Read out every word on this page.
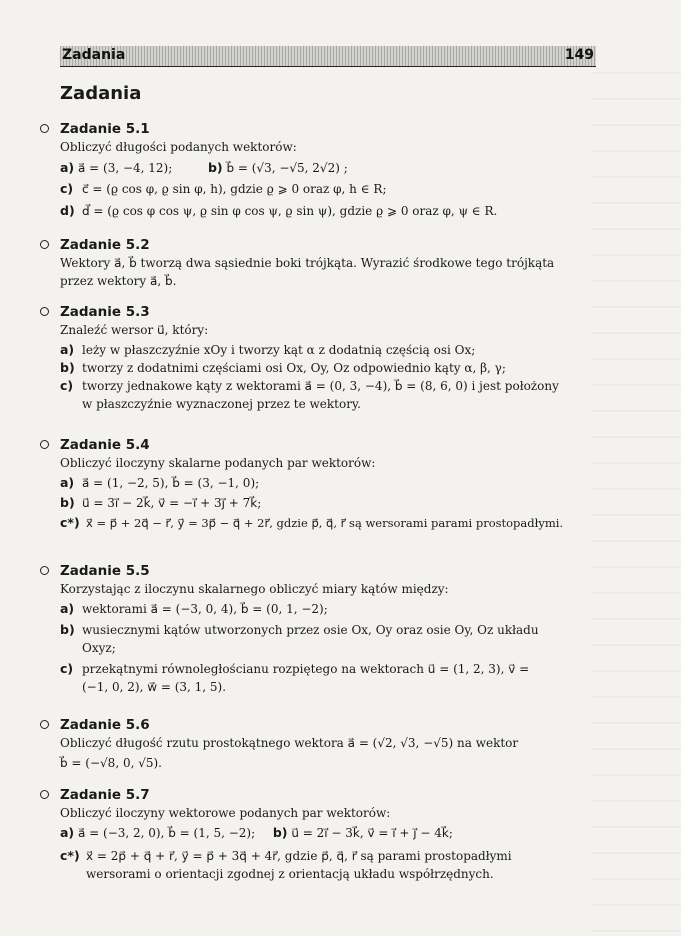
Zadania	149
Zadania
Zadanie 5.1
Obliczyć długości podanych wektorów:
a) a⃗ = (3, −4, 12);	b) b⃗ = (√3, −√5, 2√2) ;
c) c⃗ = (ϱ cos φ, ϱ sin φ, h), gdzie ϱ ⩾ 0 oraz φ, h ∈ R;
d) d⃗ = (ϱ cos φ cos ψ, ϱ sin φ cos ψ, ϱ sin ψ), gdzie ϱ ⩾ 0 oraz φ, ψ ∈ R.
Zadanie 5.2
Wektory a⃗, b⃗ tworzą dwa sąsiednie boki trójkąta. Wyrazić środkowe tego trójkąta
przez wektory a⃗, b⃗.
Zadanie 5.3
Znaleźć wersor u⃗, który:
a) leży w płaszczyźnie xOy i tworzy kąt α z dodatnią częścią osi Ox;
b) tworzy z dodatnimi częściami osi Ox, Oy, Oz odpowiednio kąty α, β, γ;
c) tworzy jednakowe kąty z wektorami a⃗ = (0, 3, −4), b⃗ = (8, 6, 0) i jest położony
w płaszczyźnie wyznaczonej przez te wektory.
Zadanie 5.4
Obliczyć iloczyny skalarne podanych par wektorów:
a) a⃗ = (1, −2, 5), b⃗ = (3, −1, 0);
b) u⃗ = 3i⃗ − 2k⃗, v⃗ = −i⃗ + 3j⃗ + 7k⃗;
c*) x⃗ = p⃗ + 2q⃗ − r⃗, y⃗ = 3p⃗ − q⃗ + 2r⃗, gdzie p⃗, q⃗, r⃗ są wersorami parami prostopadłymi.
Zadanie 5.5
Korzystając z iloczynu skalarnego obliczyć miary kątów między:
a) wektorami a⃗ = (−3, 0, 4), b⃗ = (0, 1, −2);
b) wusiecznymi kątów utworzonych przez osie Ox, Oy oraz osie Oy, Oz układu
Oxyz;
c) przekątnymi równoległościanu rozpiętego na wektorach u⃗ = (1, 2, 3), v⃗ =
(−1, 0, 2), w⃗ = (3, 1, 5).
Zadanie 5.6
Obliczyć długość rzutu prostokątnego wektora a⃗ = (√2, √3, −√5) na wektor
b⃗ = (−√8, 0, √5).
Zadanie 5.7
Obliczyć iloczyny wektorowe podanych par wektorów:
a) a⃗ = (−3, 2, 0), b⃗ = (1, 5, −2); b) u⃗ = 2i⃗ − 3k⃗, v⃗ = i⃗ + j⃗ − 4k⃗;
c*) x⃗ = 2p⃗ + q⃗ + r⃗, y⃗ = p⃗ + 3q⃗ + 4r⃗, gdzie p⃗, q⃗, r⃗ są parami prostopadłymi
wersorami o orientacji zgodnej z orientacją układu współrzędnych.
